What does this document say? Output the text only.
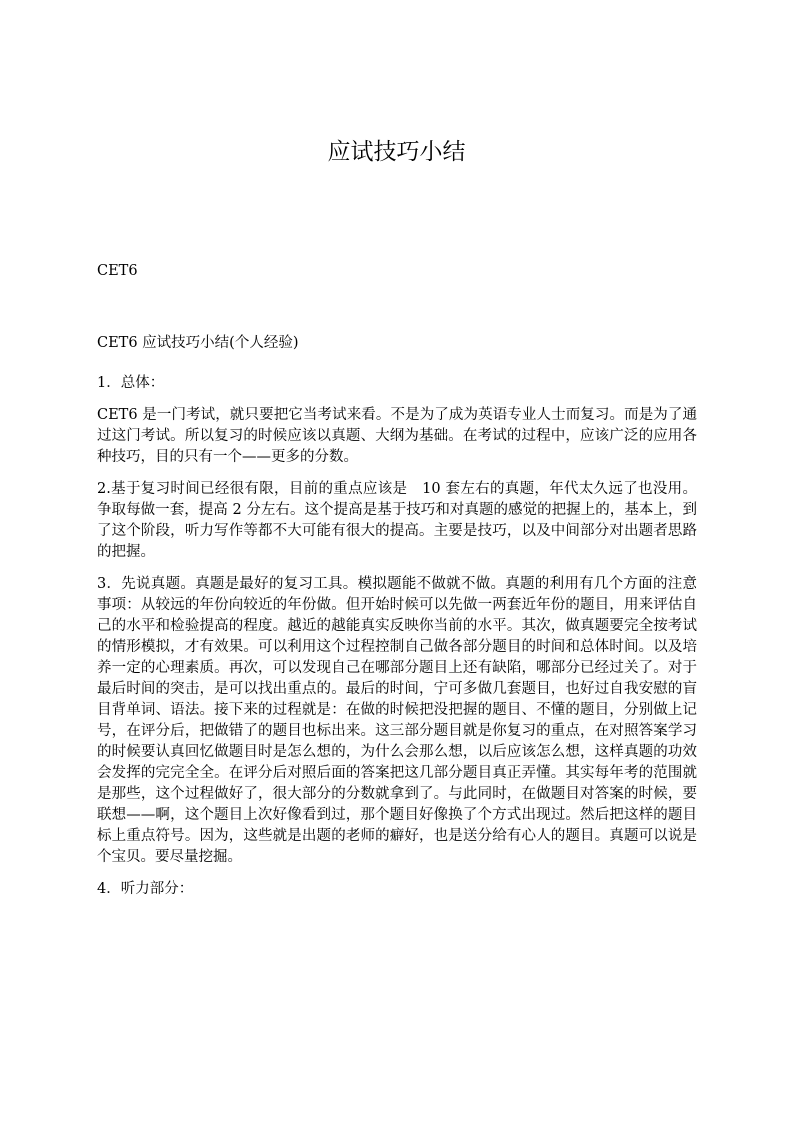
应试技巧小结

CET6

CET6 应试技巧小结(个人经验)

1．总体：

CET6 是一门考试，就只要把它当考试来看。不是为了成为英语专业人士而复习。而是为了通过这门考试。所以复习的时候应该以真题、大纲为基础。在考试的过程中，应该广泛的应用各种技巧，目的只有一个——更多的分数。

2.基于复习时间已经很有限，目前的重点应该是　10 套左右的真题，年代太久远了也没用。争取每做一套，提高 2 分左右。这个提高是基于技巧和对真题的感觉的把握上的，基本上，到了这个阶段，听力写作等都不大可能有很大的提高。主要是技巧，以及中间部分对出题者思路的把握。

3．先说真题。真题是最好的复习工具。模拟题能不做就不做。真题的利用有几个方面的注意事项：从较远的年份向较近的年份做。但开始时候可以先做一两套近年份的题目，用来评估自己的水平和检验提高的程度。越近的越能真实反映你当前的水平。其次，做真题要完全按考试的情形模拟，才有效果。可以利用这个过程控制自己做各部分题目的时间和总体时间。以及培养一定的心理素质。再次，可以发现自己在哪部分题目上还有缺陷，哪部分已经过关了。对于最后时间的突击，是可以找出重点的。最后的时间，宁可多做几套题目，也好过自我安慰的盲目背单词、语法。接下来的过程就是：在做的时候把没把握的题目、不懂的题目，分别做上记号，在评分后，把做错了的题目也标出来。这三部分题目就是你复习的重点，在对照答案学习的时候要认真回忆做题目时是怎么想的，为什么会那么想，以后应该怎么想，这样真题的功效会发挥的完完全全。在评分后对照后面的答案把这几部分题目真正弄懂。其实每年考的范围就是那些，这个过程做好了，很大部分的分数就拿到了。与此同时，在做题目对答案的时候，要联想——啊，这个题目上次好像看到过，那个题目好像换了个方式出现过。然后把这样的题目标上重点符号。因为，这些就是出题的老师的癖好，也是送分给有心人的题目。真题可以说是个宝贝。要尽量挖掘。

4．听力部分：
